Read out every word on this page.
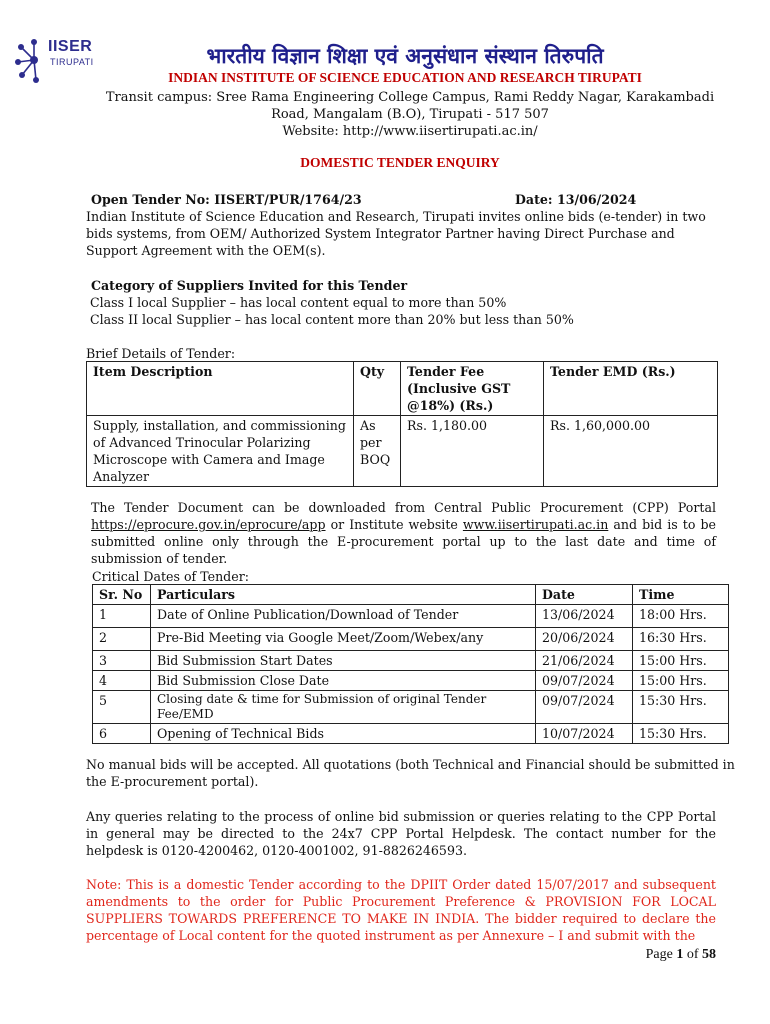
IISER
TIRUPATI	भारतीय विज्ञान शिक्षा एवं अनुसंधान संस्थान तिरुपति
INDIAN INSTITUTE OF SCIENCE EDUCATION AND RESEARCH TIRUPATI
Transit campus: Sree Rama Engineering College Campus, Rami Reddy Nagar, Karakambadi
Road, Mangalam (B.O), Tirupati - 517 507
Website: http://www.iisertirupati.ac.in/
DOMESTIC TENDER ENQUIRY
Open Tender No: IISERT/PUR/1764/23	Date: 13/06/2024
Indian Institute of Science Education and Research, Tirupati invites online bids (e-tender) in two bids systems, from OEM/ Authorized System Integrator Partner having Direct Purchase and Support Agreement with the OEM(s).
Category of Suppliers Invited for this Tender
Class I local Supplier – has local content equal to more than 50%
Class II local Supplier – has local content more than 20% but less than 50%
Brief Details of Tender:
Item Description	Qty	Tender Fee (Inclusive GST @18%) (Rs.)	Tender EMD (Rs.)
Supply, installation, and commissioning of Advanced Trinocular Polarizing Microscope with Camera and Image Analyzer	As per BOQ	Rs. 1,180.00	Rs. 1,60,000.00
The Tender Document can be downloaded from Central Public Procurement (CPP) Portal https://eprocure.gov.in/eprocure/app or Institute website www.iisertirupati.ac.in and bid is to be submitted online only through the E-procurement portal up to the last date and time of submission of tender.
Critical Dates of Tender:
Sr. No	Particulars	Date	Time
1	Date of Online Publication/Download of Tender	13/06/2024	18:00 Hrs.
2	Pre-Bid Meeting via Google Meet/Zoom/Webex/any	20/06/2024	16:30 Hrs.
3	Bid Submission Start Dates	21/06/2024	15:00 Hrs.
4	Bid Submission Close Date	09/07/2024	15:00 Hrs.
5	Closing date & time for Submission of original Tender Fee/EMD	09/07/2024	15:30 Hrs.
6	Opening of Technical Bids	10/07/2024	15:30 Hrs.
No manual bids will be accepted. All quotations (both Technical and Financial should be submitted in the E-procurement portal).
Any queries relating to the process of online bid submission or queries relating to the CPP Portal in general may be directed to the 24x7 CPP Portal Helpdesk. The contact number for the helpdesk is 0120-4200462, 0120-4001002, 91-8826246593.
Note: This is a domestic Tender according to the DPIIT Order dated 15/07/2017 and subsequent amendments to the order for Public Procurement Preference & PROVISION FOR LOCAL SUPPLIERS TOWARDS PREFERENCE TO MAKE IN INDIA. The bidder required to declare the percentage of Local content for the quoted instrument as per Annexure – I and submit with the
Page 1 of 58
